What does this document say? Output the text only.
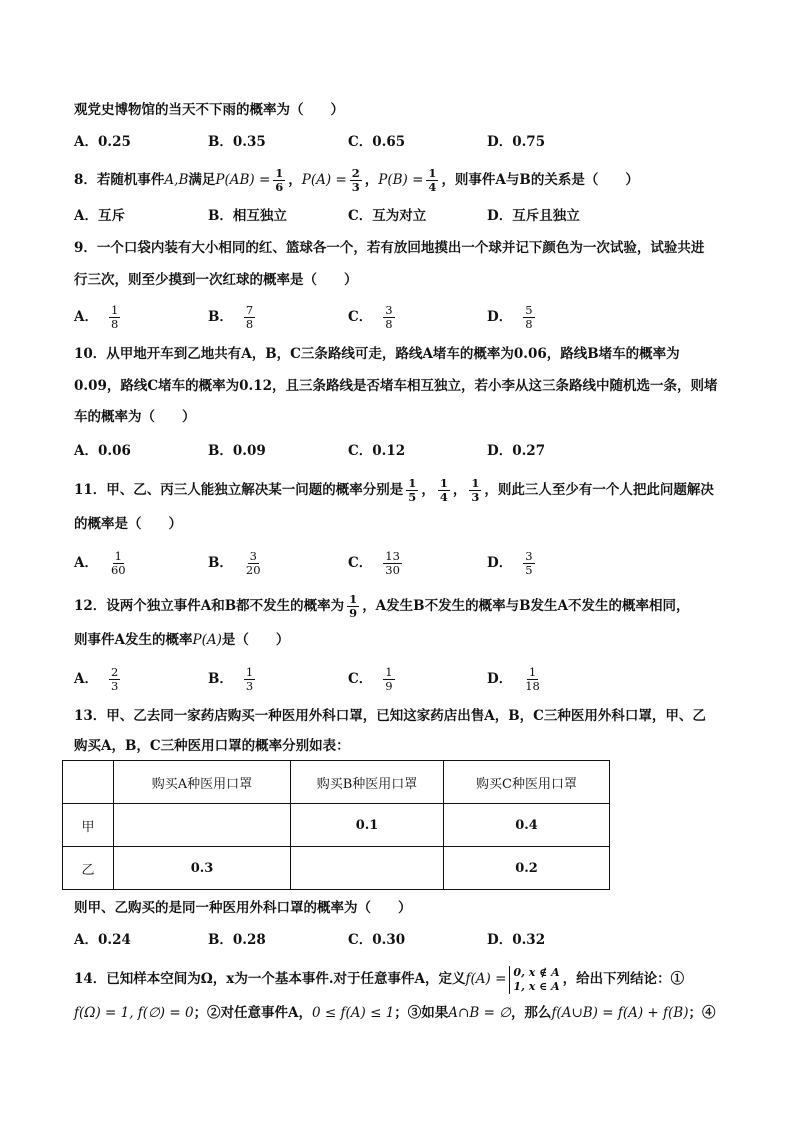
观党史博物馆的当天不下雨的概率为（　　）
A．0.25	B．0.35	C．0.65	D．0.75
8．若随机事件A,B满足$P(AB) = \frac{1}{6}$ ，$P(A) = \frac{2}{3}$ ，$P(B) = \frac{1}{4}$ ，则事件A与B的关系是（　　）
A．互斥	B．相互独立	C．互为对立	D．互斥且独立
9．一个口袋内装有大小相同的红、篮球各一个，若有放回地摸出一个球并记下颜色为一次试验，试验共进
行三次，则至少摸到一次红球的概率是（　　）
A． $\frac{1}{8}$	B． $\frac{7}{8}$	C． $\frac{3}{8}$	D． $\frac{5}{8}$
10．从甲地开车到乙地共有A，B，C三条路线可走，路线A堵车的概率为0.06，路线B堵车的概率为
0.09，路线C堵车的概率为0.12，且三条路线是否堵车相互独立，若小李从这三条路线中随机选一条，则堵
车的概率为（　　）
A．0.06	B．0.09	C．0.12	D．0.27
11．甲、乙、丙三人能独立解决某一问题的概率分别是 $\frac{1}{5}$ ， $\frac{1}{4}$ ， $\frac{1}{3}$ ，则此三人至少有一个人把此问题解决
的概率是（　　）
A． $\frac{1}{60}$	B． $\frac{3}{20}$	C． $\frac{13}{30}$	D． $\frac{3}{5}$
12．设两个独立事件A和B都不发生的概率为 $\frac{1}{9}$ ，A发生B不发生的概率与B发生A不发生的概率相同，
则事件A发生的概率P(A)是（　　）
A． $\frac{2}{3}$	B． $\frac{1}{3}$	C． $\frac{1}{9}$	D． $\frac{1}{18}$
13．甲、乙去同一家药店购买一种医用外科口罩，已知这家药店出售A，B，C三种医用外科口罩，甲、乙
购买A，B，C三种医用口罩的概率分别如表：
	购买A种医用口罩	购买B种医用口罩	购买C种医用口罩
甲		0.1	0.4
乙	0.3		0.2
则甲、乙购买的是同一种医用外科口罩的概率为（　　）
A．0.24	B．0.28	C．0.30	D．0.32
14．已知样本空间为Ω，x为一个基本事件.对于任意事件A，定义f(A) = 0, x ∉ A
1, x ∈ A ，给出下列结论：①
f(Ω) = 1, f(∅) = 0；②对任意事件A，0 ≤ f(A) ≤ 1；③如果A∩B = ∅，那么f(A∪B) = f(A) + f(B)；④
